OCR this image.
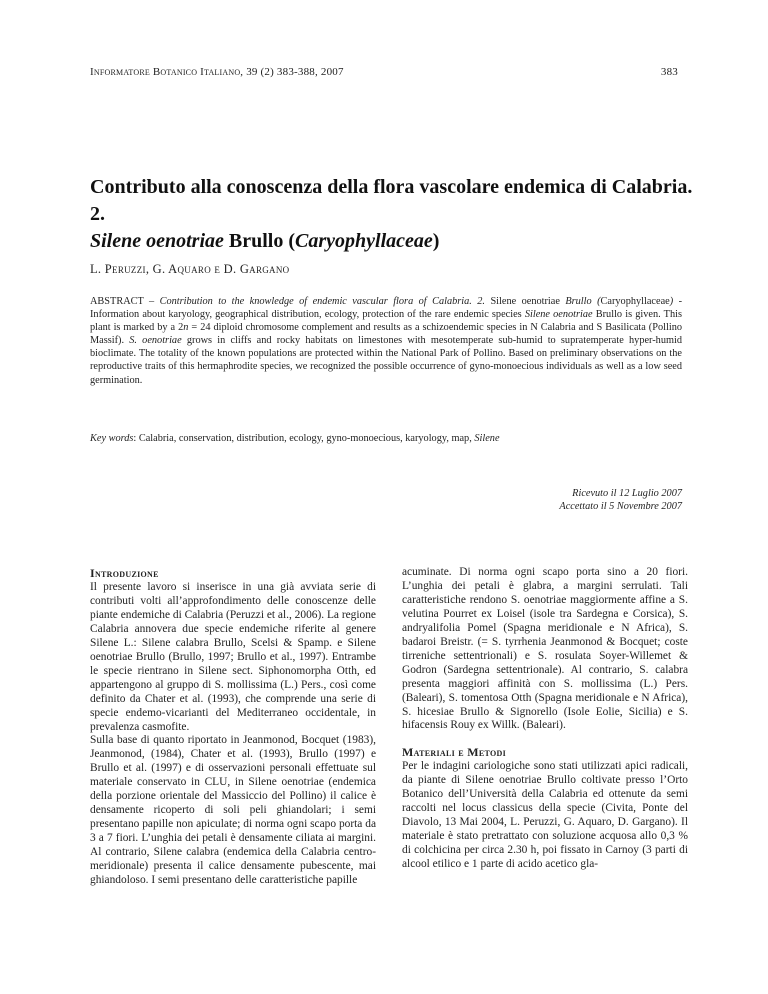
Informatore Botanico Italiano, 39 (2) 383-388, 2007	383
Contributo alla conoscenza della flora vascolare endemica di Calabria. 2.
Silene oenotriae Brullo (Caryophyllaceae)
L. Peruzzi, G. Aquaro e D. Gargano
ABSTRACT – Contribution to the knowledge of endemic vascular flora of Calabria. 2. Silene oenotriae Brullo (Caryophyllaceae) - Information about karyology, geographical distribution, ecology, protection of the rare endemic species Silene oenotriae Brullo is given. This plant is marked by a 2n = 24 diploid chromosome complement and results as a schizoendemic species in N Calabria and S Basilicata (Pollino Massif). S. oenotriae grows in cliffs and rocky habitats on limestones with mesotemperate sub-humid to supratemperate hyper-humid bioclimate. The totality of the known populations are protected within the National Park of Pollino. Based on preliminary observations on the reproductive traits of this hermaphrodite species, we recognized the possible occurrence of gyno-monoecious individuals as well as a low seed germination.
Key words: Calabria, conservation, distribution, ecology, gyno-monoecious, karyology, map, Silene
Ricevuto il 12 Luglio 2007
Accettato il 5 Novembre 2007
Introduzione

Il presente lavoro si inserisce in una già avviata serie di contributi volti all’approfondimento delle conoscenze delle piante endemiche di Calabria (Peruzzi et al., 2006). La regione Calabria annovera due specie endemiche riferite al genere Silene L.: Silene calabra Brullo, Scelsi & Spamp. e Silene oenotriae Brullo (Brullo, 1997; Brullo et al., 1997). Entrambe le specie rientrano in Silene sect. Siphonomorpha Otth, ed appartengono al gruppo di S. mollissima (L.) Pers., così come definito da Chater et al. (1993), che comprende una serie di specie endemo-vicarianti del Mediterraneo occidentale, in prevalenza casmofite.

Sulla base di quanto riportato in Jeanmonod, Bocquet (1983), Jeanmonod, (1984), Chater et al. (1993), Brullo (1997) e Brullo et al. (1997) e di osservazioni personali effettuate sul materiale conservato in CLU, in Silene oenotriae (endemica della porzione orientale del Massiccio del Pollino) il calice è densamente ricoperto di soli peli ghiandolari; i semi presentano papille non apiculate; di norma ogni scapo porta da 3 a 7 fiori. L’unghia dei petali è densamente ciliata ai margini. Al contrario, Silene calabra (endemica della Calabria centro-meridionale) presenta il calice densamente pubescente, mai ghiandoloso. I semi presentano delle caratteristiche papille

acuminate. Di norma ogni scapo porta sino a 20 fiori. L’unghia dei petali è glabra, a margini serrulati. Tali caratteristiche rendono S. oenotriae maggiormente affine a S. velutina Pourret ex Loisel (isole tra Sardegna e Corsica), S. andryalifolia Pomel (Spagna meridionale e N Africa), S. badaroi Breistr. (= S. tyrrhenia Jeanmonod & Bocquet; coste tirreniche settentrionali) e S. rosulata Soyer-Willemet & Godron (Sardegna settentrionale). Al contrario, S. calabra presenta maggiori affinità con S. mollissima (L.) Pers. (Baleari), S. tomentosa Otth (Spagna meridionale e N Africa), S. hicesiae Brullo & Signorello (Isole Eolie, Sicilia) e S. hifacensis Rouy ex Willk. (Baleari).

Materiali e Metodi

Per le indagini cariologiche sono stati utilizzati apici radicali, da piante di Silene oenotriae Brullo coltivate presso l’Orto Botanico dell’Università della Calabria ed ottenute da semi raccolti nel locus classicus della specie (Civita, Ponte del Diavolo, 13 Mai 2004, L. Peruzzi, G. Aquaro, D. Gargano). Il materiale è stato pretrattato con soluzione acquosa allo 0,3 % di colchicina per circa 2.30 h, poi fissato in Carnoy (3 parti di alcool etilico e 1 parte di acido acetico gla-
